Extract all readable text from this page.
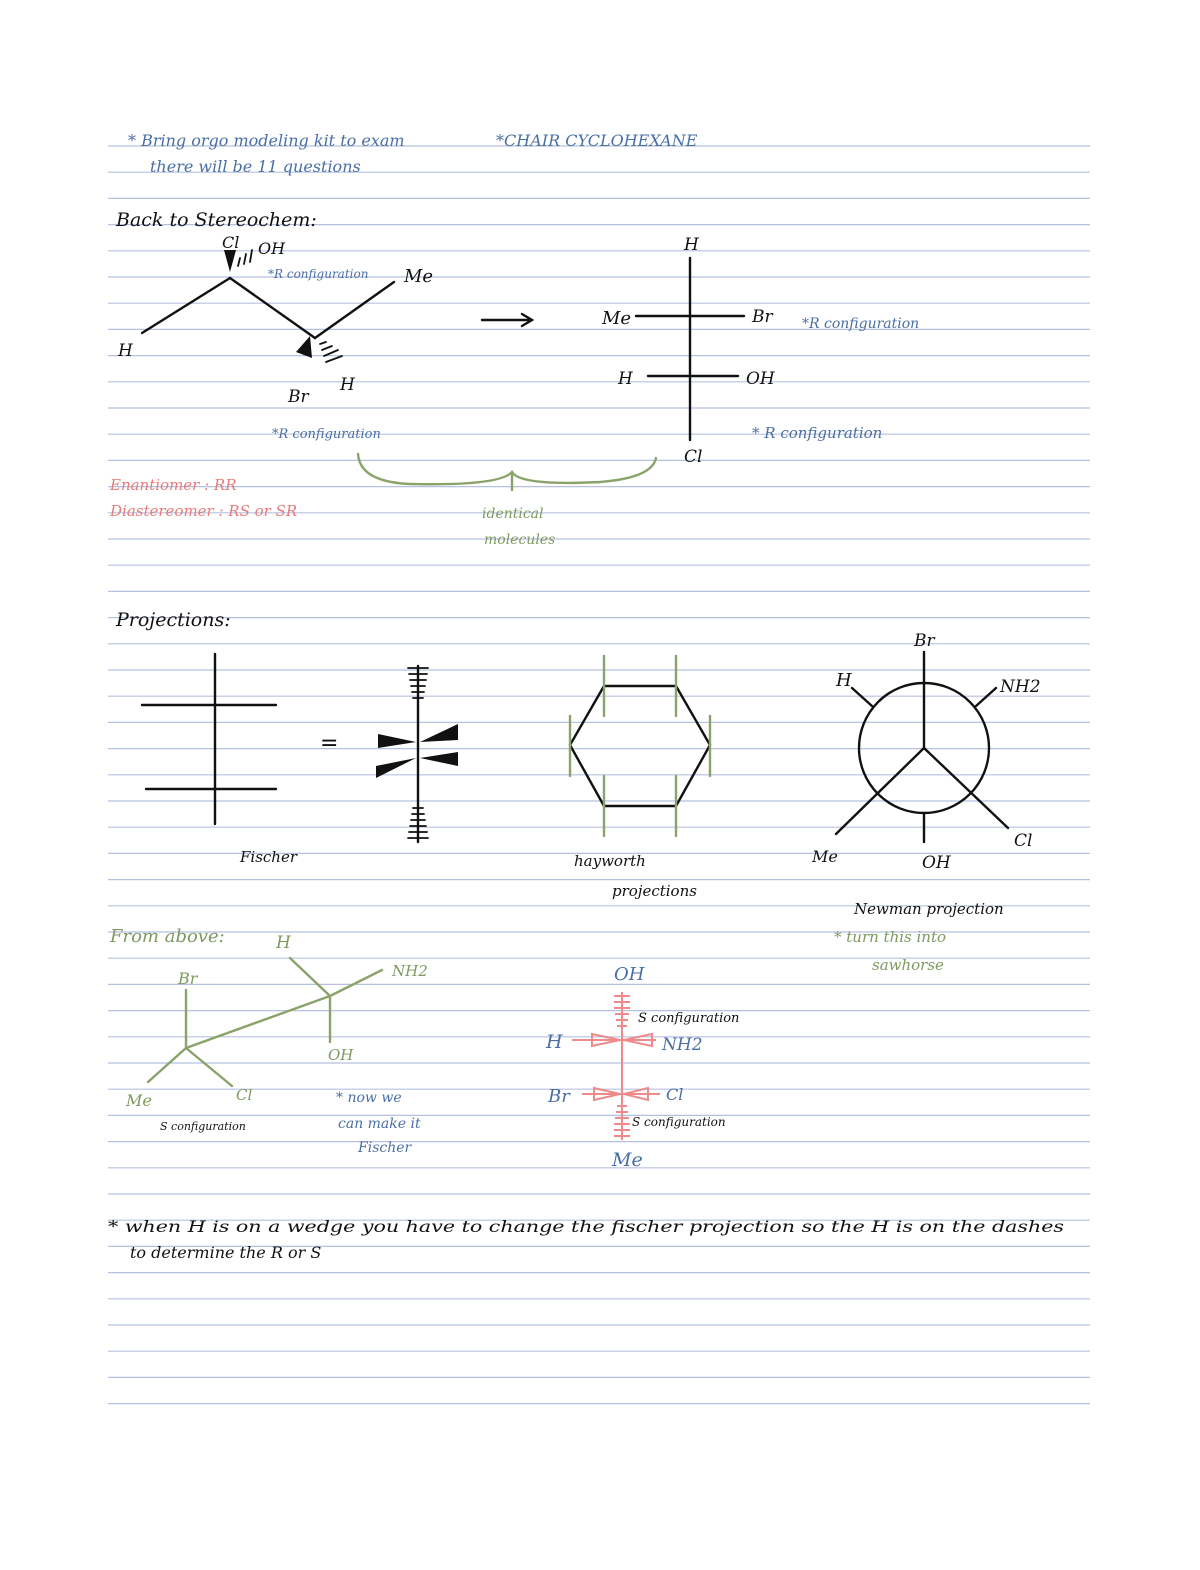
* Bring orgo modeling kit to exam
there will be 11 questions
*CHAIR CYCLOHEXANE
Back to Stereochem:
Cl OH
Me
H
Br
H
*R configuration
*R configuration
H
Me	Br
H	OH
Cl
*R configuration
* R configuration
identical
molecules
Enantiomer : RR
Diastereomer : RS or SR
Projections:
Fischer
=
hayworth
projections
Br
H	NH2
Me	OH
Cl
Newman projection
* turn this into
sawhorse
From above:
Br
H
NH2
OH
Me	Cl
S configuration
* now we
can make it
Fischer
OH
H	NH2
Br	Cl
Me
S configuration
S configuration
* when H is on a wedge you have to change the fischer projection so the H is on the dashes
to determine the R or S
